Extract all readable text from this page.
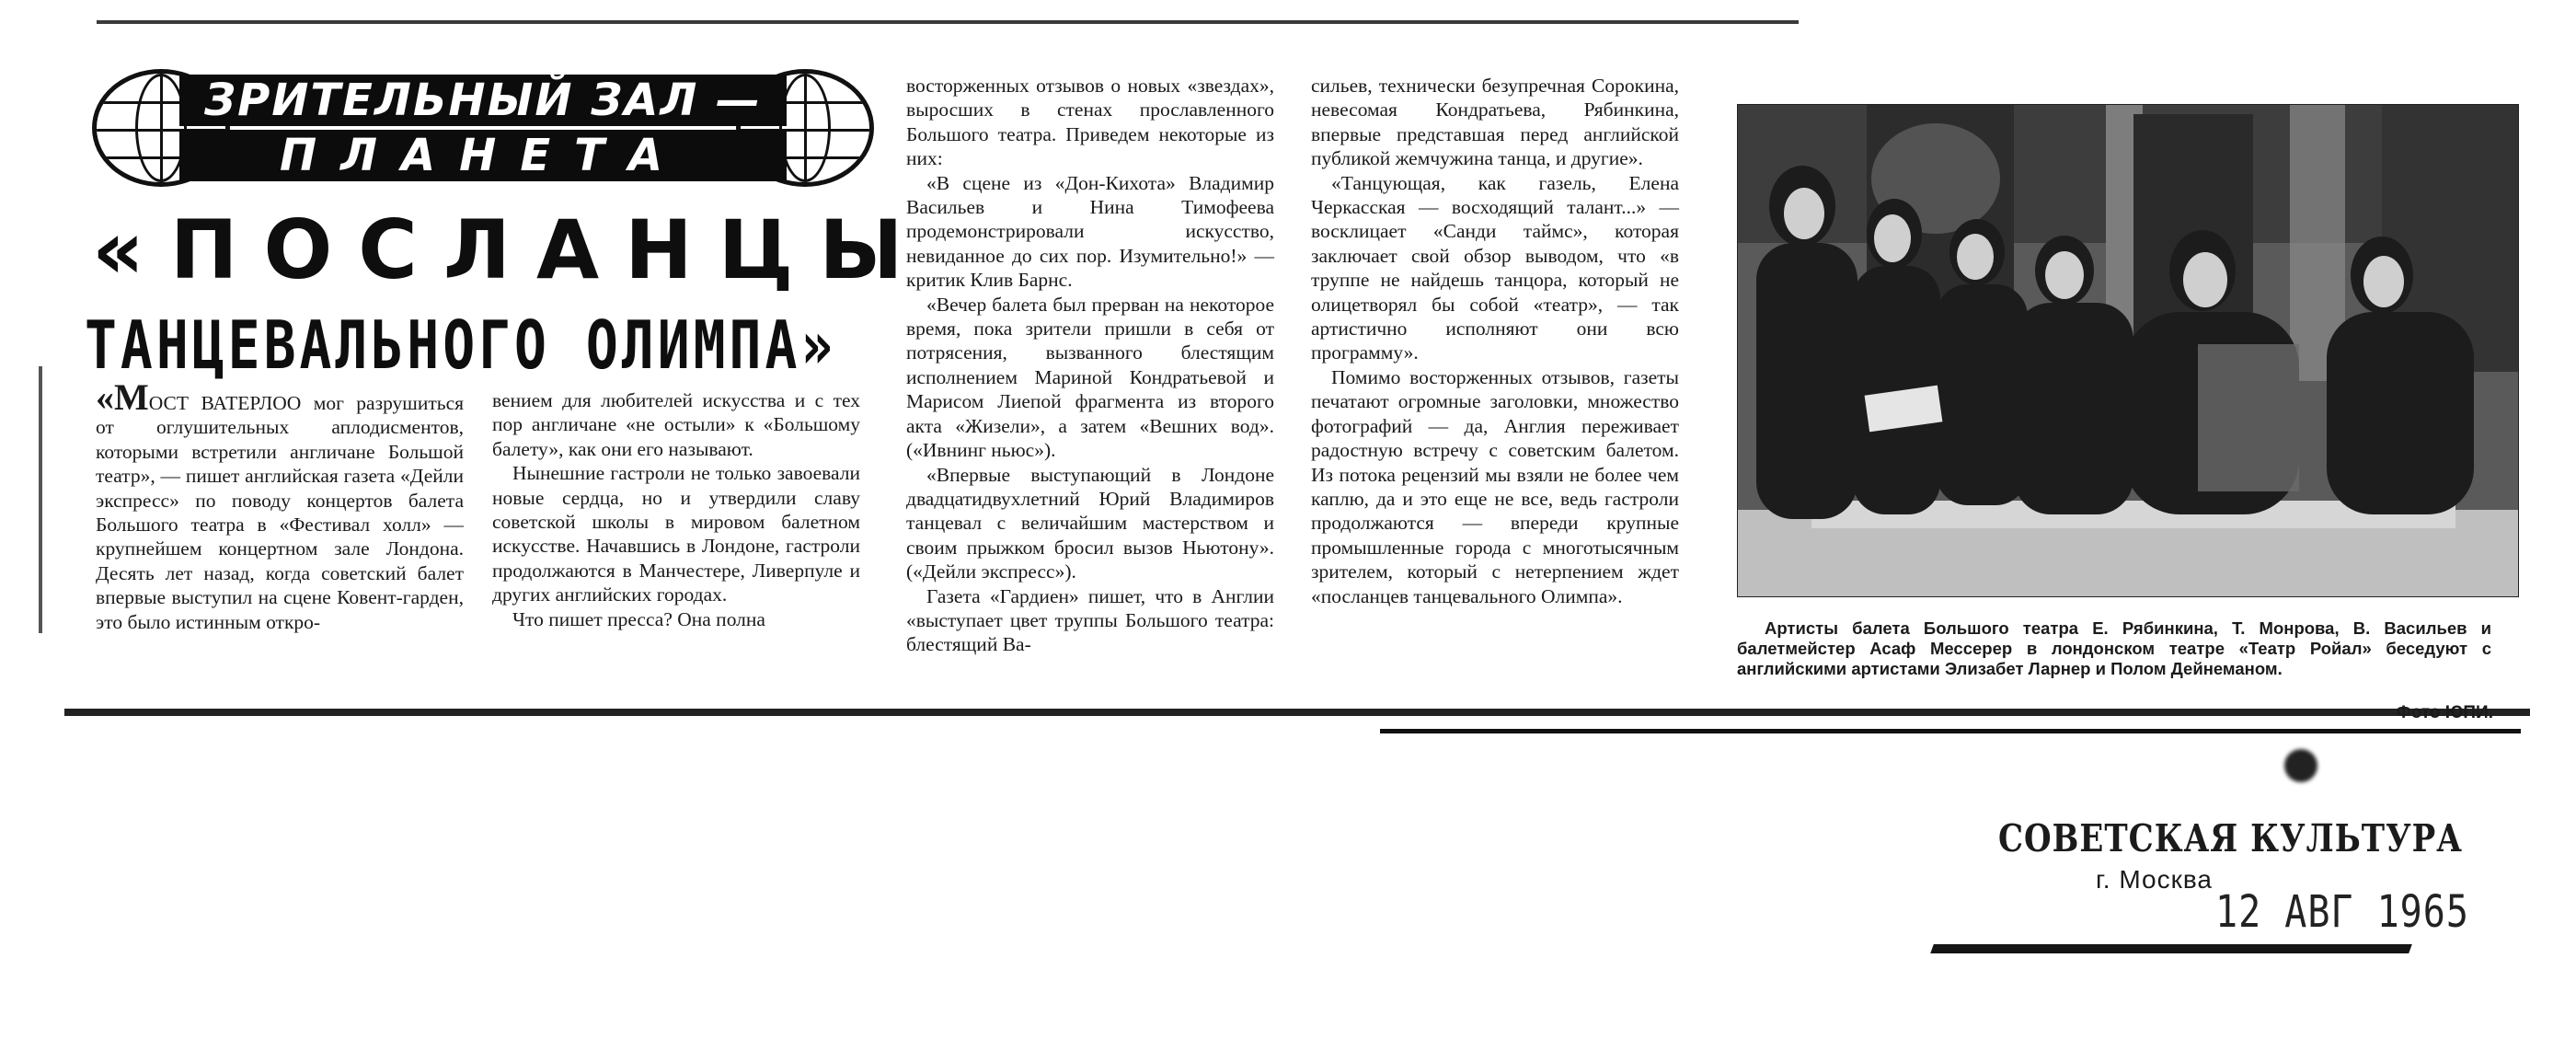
ЗРИТЕЛЬНЫЙ ЗАЛ —
ПЛАНЕТА
«ПОСЛАНЦЫ
ТАНЦЕВАЛЬНОГО ОЛИМПА»

«МОСТ ВАТЕРЛОО мог разрушиться от оглушительных аплодисментов, которыми встретили англичане Большой театр», — пишет английская газета «Дейли экспресс» по поводу концертов балета Большого театра в «Фестивал холл» — крупнейшем концертном зале Лондона. Десять лет назад, когда советский балет впервые выступил на сцене Ковент-гарден, это было истинным откро-

вением для любителей искусства и с тех пор англичане «не остыли» к «Большому балету», как они его называют.

Нынешние гастроли не только завоевали новые сердца, но и утвердили славу советской школы в мировом балетном искусстве. Начавшись в Лондоне, гастроли продолжаются в Манчестере, Ливерпуле и других английских городах.

Что пишет пресса? Она полна

восторженных отзывов о новых «звездах», выросших в стенах прославленного Большого театра. Приведем некоторые из них:

«В сцене из «Дон-Кихота» Владимир Васильев и Нина Тимофеева продемонстрировали искусство, невиданное до сих пор. Изумительно!» — критик Клив Барнс.

«Вечер балета был прерван на некоторое время, пока зрители пришли в себя от потрясения, вызванного блестящим исполнением Мариной Кондратьевой и Марисом Лиепой фрагмента из второго акта «Жизели», а затем «Вешних вод». («Ивнинг ньюс»).

«Впервые выступающий в Лондоне двадцатидвухлетний Юрий Владимиров танцевал с величайшим мастерством и своим прыжком бросил вызов Ньютону». («Дейли экспресс»).

Газета «Гардиен» пишет, что в Англии «выступает цвет труппы Большого театра: блестящий Ва-

сильев, технически безупречная Сорокина, невесомая Кондратьева, Рябинкина, впервые представшая перед английской публикой жемчужина танца, и другие».

«Танцующая, как газель, Елена Черкасская — восходящий талант...» — восклицает «Санди таймс», которая заключает свой обзор выводом, что «в труппе не найдешь танцора, который не олицетворял бы собой «театр», — так артистично исполняют они всю программу».

Помимо восторженных отзывов, газеты печатают огромные заголовки, множество фотографий — да, Англия переживает радостную встречу с советским балетом. Из потока рецензий мы взяли не более чем каплю, да и это еще не все, ведь гастроли продолжаются — впереди крупные промышленные города с многотысячным зрителем, который с нетерпением ждет «посланцев танцевального Олимпа».

Артисты балета Большого театра Е. Рябинкина, Т. Монрова, В. Васильев и балетмейстер Асаф Мессерер в лондонском театре «Театр Ройал» беседуют с английскими артистами Элизабет Ларнер и Полом Дейнеманом.
Фото ЮПИ.
СОВЕТСКАЯ КУЛЬТУРА
г. Москва
12 АВГ 1965
